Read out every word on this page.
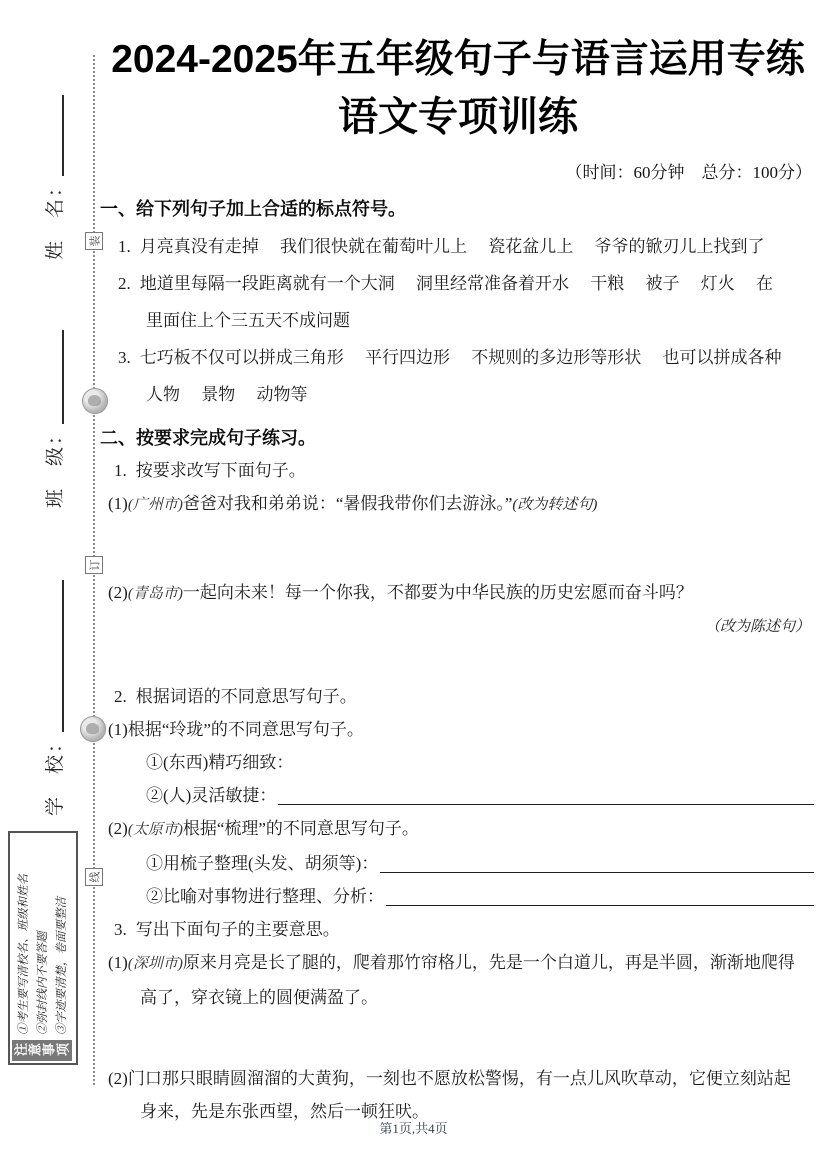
装
订
线
姓　名：
班　级：
学　校：
注意事项
①考生要写清校名、班级和姓名 ②弥封线内不要答题 ③字迹要清楚，卷面要整洁
2024-2025年五年级句子与语言运用专练
语文专项训练
（时间：60分钟　总分：100分）
一、给下列句子加上合适的标点符号。
1. 月亮真没有走掉　 我们很快就在葡萄叶儿上　 瓷花盆儿上　 爷爷的锨刃儿上找到了
2. 地道里每隔一段距离就有一个大洞　 洞里经常准备着开水　 干粮　 被子　 灯火　 在里面住上个三五天不成问题
3. 七巧板不仅可以拼成三角形　 平行四边形　 不规则的多边形等形状　 也可以拼成各种人物　 景物　 动物等
二、按要求完成句子练习。
1. 按要求改写下面句子。
(1)(广州市)爸爸对我和弟弟说：“暑假我带你们去游泳。”(改为转述句)
(2)(青岛市)一起向未来！每一个你我，不都要为中华民族的历史宏愿而奋斗吗？
（改为陈述句）
2. 根据词语的不同意思写句子。
(1)根据“玲珑”的不同意思写句子。
①(东西)精巧细致：
②(人)灵活敏捷：
(2)(太原市)根据“梳理”的不同意思写句子。
①用梳子整理(头发、胡须等)：
②比喻对事物进行整理、分析：
3. 写出下面句子的主要意思。
(1)(深圳市)原来月亮是长了腿的，爬着那竹帘格儿，先是一个白道儿，再是半圆，渐渐地爬得高了，穿衣镜上的圆便满盈了。
(2)门口那只眼睛圆溜溜的大黄狗，一刻也不愿放松警惕，有一点儿风吹草动，它便立刻站起身来，先是东张西望，然后一顿狂吠。
第1页,共4页
